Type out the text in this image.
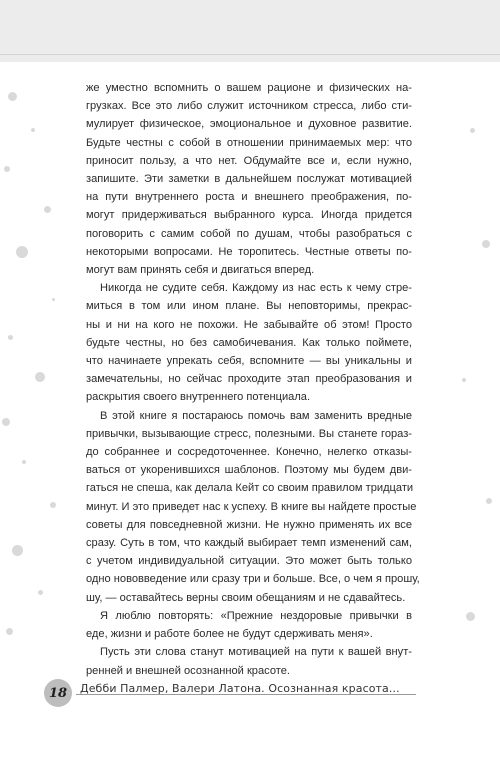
же уместно вспомнить о вашем рационе и физических на-
грузках. Все это либо служит источником стресса, либо сти-
мулирует физическое, эмоциональное и духовное развитие.
Будьте честны с собой в отношении принимаемых мер: что
приносит пользу, а что нет. Обдумайте все и, если нужно,
запишите. Эти заметки в дальнейшем послужат мотивацией
на пути внутреннего роста и внешнего преображения, по-
могут придерживаться выбранного курса. Иногда придется
поговорить с самим собой по душам, чтобы разобраться с
некоторыми вопросами. Не торопитесь. Честные ответы по-
могут вам принять себя и двигаться вперед.

Никогда не судите себя. Каждому из нас есть к чему стре-
миться в том или ином плане. Вы неповторимы, прекрас-
ны и ни на кого не похожи. Не забывайте об этом! Просто
будьте честны, но без самобичевания. Как только поймете,
что начинаете упрекать себя, вспомните — вы уникальны и
замечательны, но сейчас проходите этап преобразования и
раскрытия своего внутреннего потенциала.

В этой книге я постараюсь помочь вам заменить вредные
привычки, вызывающие стресс, полезными. Вы станете гораз-
до собраннее и сосредоточеннее. Конечно, нелегко отказы-
ваться от укоренившихся шаблонов. Поэтому мы будем дви-
гаться не спеша, как делала Кейт со своим правилом тридцати
минут. И это приведет нас к успеху. В книге вы найдете простые
советы для повседневной жизни. Не нужно применять их все
сразу. Суть в том, что каждый выбирает темп изменений сам,
с учетом индивидуальной ситуации. Это может быть только
одно нововведение или сразу три и больше. Все, о чем я прошу,
шу, — оставайтесь верны своим обещаниям и не сдавайтесь.

Я люблю повторять: «Прежние нездоровые привычки в
еде, жизни и работе более не будут сдерживать меня».

Пусть эти слова станут мотивацией на пути к вашей внут-
ренней и внешней осознанной красоте.

18	Дебби Палмер, Валери Латона. Осознанная красота...
